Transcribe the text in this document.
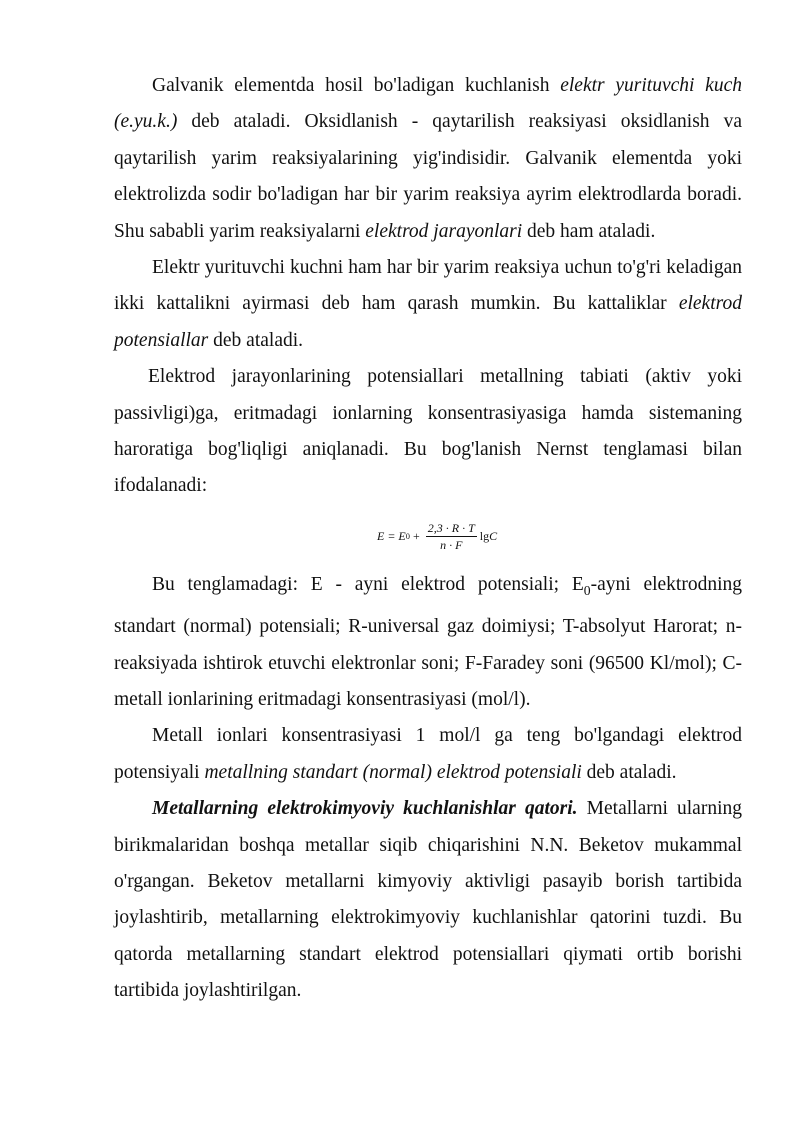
Galvanik elementda hosil bo'ladigan kuchlanish elektr yurituvchi kuch (e.yu.k.) deb ataladi. Oksidlanish - qaytarilish reaksiyasi oksidlanish va qaytarilish yarim reaksiyalarining yig'indisidir. Galvanik elementda yoki elektrolizda sodir bo'ladigan har bir yarim reaksiya ayrim elektrodlarda boradi. Shu sababli yarim reaksiyalarni elektrod jarayonlari deb ham ataladi.

Elektr yurituvchi kuchni ham har bir yarim reaksiya uchun to'g'ri keladigan ikki kattalikni ayirmasi deb ham qarash mumkin. Bu kattaliklar elektrod potensiallar deb ataladi.

Elektrod jarayonlarining potensiallari metallning tabiati (aktiv yoki passivligi)ga, eritmadagi ionlarning konsentrasiyasiga hamda sistemaning haroratiga bog'liqligi aniqlanadi. Bu bog'lanish Nernst tenglamasi bilan ifodalanadi:

E = E $0 + \frac{2,3 \cdot R \cdot T}{n \cdot F}$ lg C

Bu tenglamadagi: E - ayni elektrod potensiali; $E_0$-ayni elektrodning standart (normal) potensiali; R-universal gaz doimiysi; T-absolyut Harorat; n-reaksiyada ishtirok etuvchi elektronlar soni; F-Faradey soni (96500 Kl/mol); C-metall ionlarining eritmadagi konsentrasiyasi (mol/l).

Metall ionlari konsentrasiyasi 1 mol/l ga teng bo'lgandagi elektrod potensiyali metallning standart (normal) elektrod potensiali deb ataladi.

Metallarning elektrokimyoviy kuchlanishlar qatori. Metallarni ularning birikmalaridan boshqa metallar siqib chiqarishini N.N. Beketov mukammal o'rgangan. Beketov metallarni kimyoviy aktivligi pasayib borish tartibida joylashtirib, metallarning elektrokimyoviy kuchlanishlar qatorini tuzdi. Bu qatorda metallarning standart elektrod potensiallari qiymati ortib borishi tartibida joylashtirilgan.
